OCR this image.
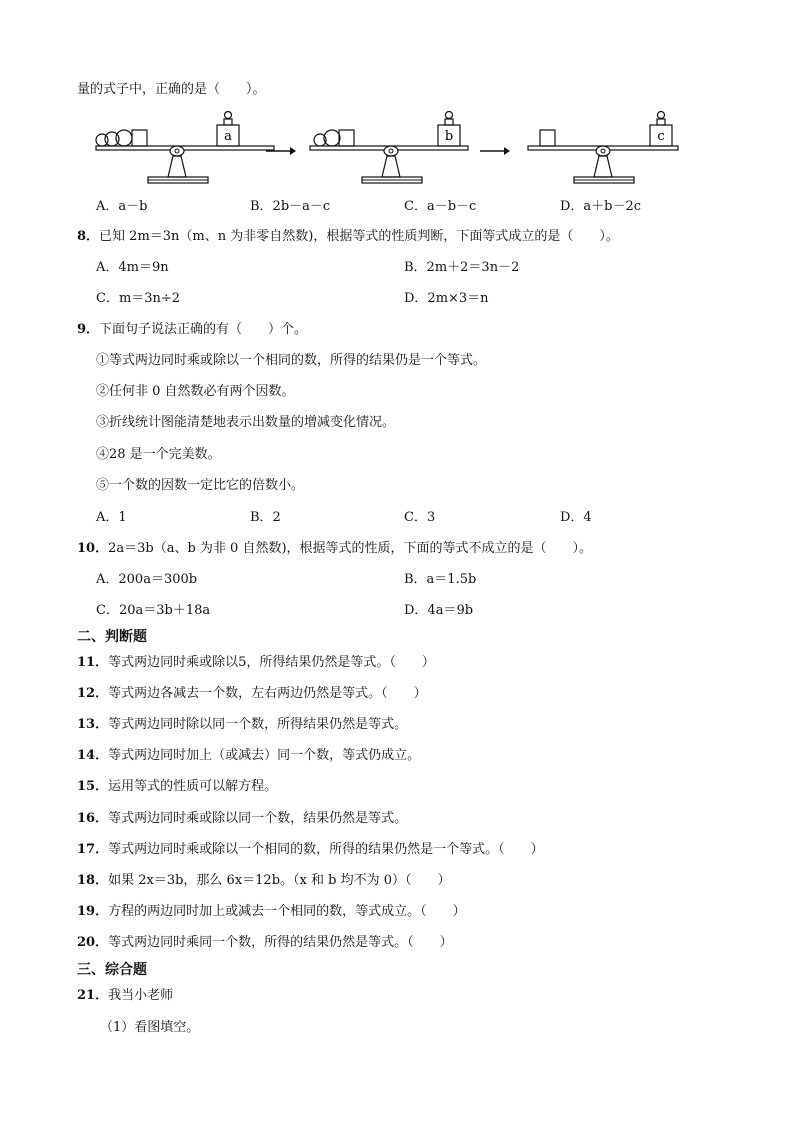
量的式子中，正确的是（　　）。
a	b	c
A．a－b	B．2b－a－c	C．a－b－c	D．a＋b－2c
8．已知 2m＝3n（m、n 为非零自然数)，根据等式的性质判断，下面等式成立的是（　　）。
A．4m＝9n	B．2m＋2＝3n－2
C．m＝3n÷2	D．2m×3＝n
9．下面句子说法正确的有（　　）个。
①等式两边同时乘或除以一个相同的数，所得的结果仍是一个等式。
②任何非 0 自然数必有两个因数。
③折线统计图能清楚地表示出数量的增减变化情况。
④28 是一个完美数。
⑤一个数的因数一定比它的倍数小。
A．1	B．2	C．3	D．4
10．2a＝3b（a、b 为非 0 自然数)，根据等式的性质，下面的等式不成立的是（　　）。
A．200a＝300b	B．a＝1.5b
C．20a＝3b＋18a	D．4a＝9b
二、判断题
11．等式两边同时乘或除以5，所得结果仍然是等式。（　　）
12．等式两边各减去一个数，左右两边仍然是等式。（　　）
13．等式两边同时除以同一个数，所得结果仍然是等式。
14．等式两边同时加上（或减去）同一个数，等式仍成立。
15．运用等式的性质可以解方程。
16．等式两边同时乘或除以同一个数，结果仍然是等式。
17．等式两边同时乘或除以一个相同的数，所得的结果仍然是一个等式。（　　）
18．如果 2x＝3b，那么 6x＝12b。（x 和 b 均不为 0）（　　）
19．方程的两边同时加上或减去一个相同的数，等式成立。（　　）
20．等式两边同时乘同一个数，所得的结果仍然是等式。（　　）
三、综合题
21．我当小老师
（1）看图填空。
